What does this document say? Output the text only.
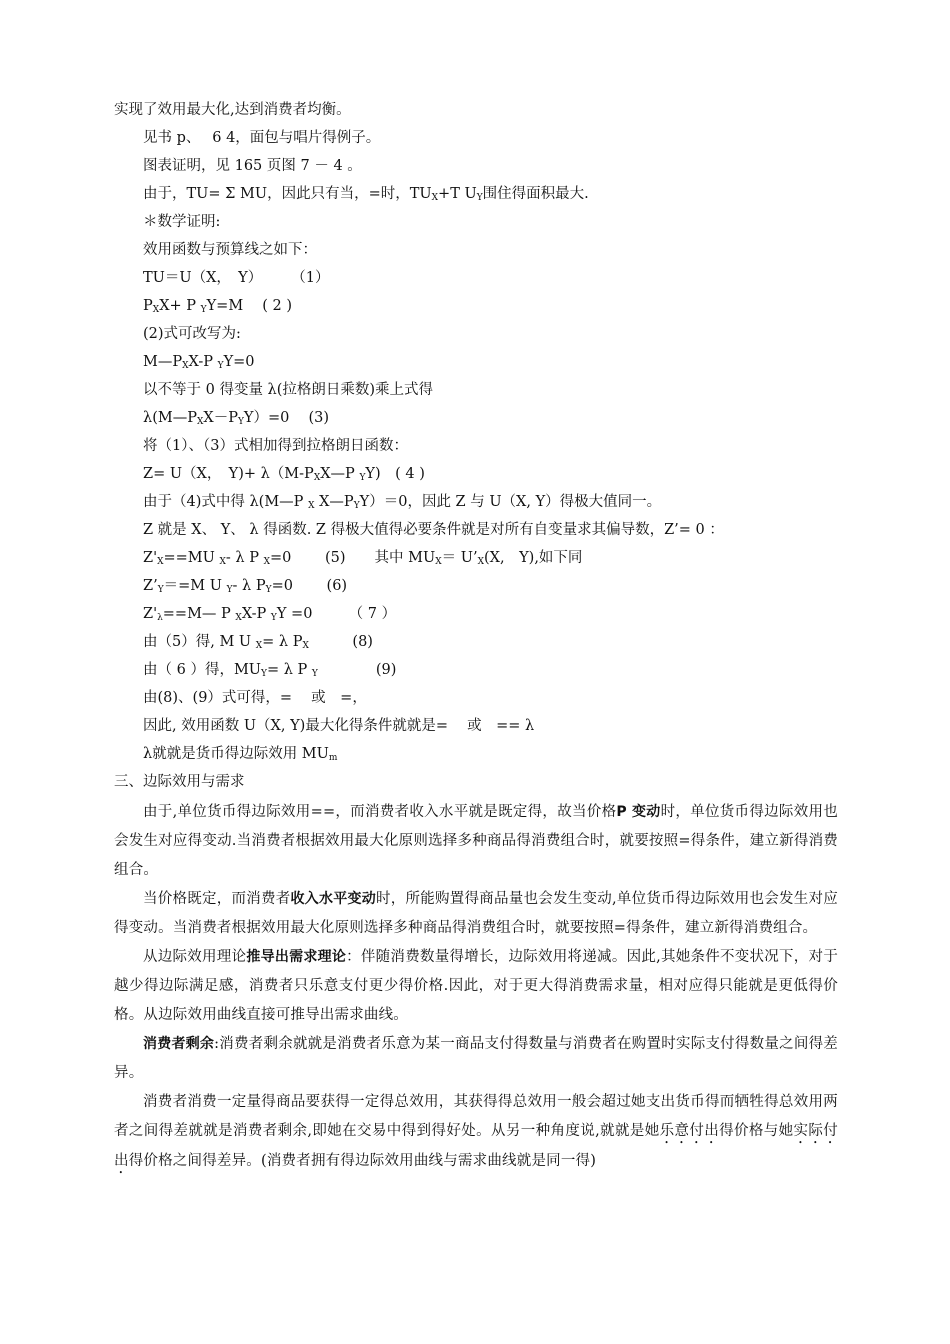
实现了效用最大化,达到消费者均衡。
见书 p、　 6 4，面包与唱片得例子。
图表证明，见 165 页图 7 － 4 。
由于，TU= Σ MU，因此只有当，=时，$TU_X+T$ $U_Y$围住得面积最大.
＊数学证明:
效用函数与预算线之如下：
TU＝U（X，　Y）　　　（1）
$P_XX+ P$ $_Y$Y=M　 ( 2 )
(2)式可改写为:
$M—P_XX-P$ $_Y$Y=0
以不等于 0 得变量 λ(拉格朗日乘数)乘上式得
$\lambda(M—P_XX-P_YY)=0$　 (3)
将（1）、（3）式相加得到拉格朗日函数：
Z= U（X，　$Y)+ \lambda(M-P_XX—P$ $_Y$Y)　( 4 )
由于（4)式中得 λ(M—P $_X$ $X—P_YY)=0$，因此 Z 与 U（X, Y）得极大值同一。
Z 就是 X、 Y、 λ 得函数. Z 得极大值得必要条件就是对所有自变量求其偏导数，Z’= 0 ：
$Z'_X==MU$ $_X$- λ P $_X$=0　　 (5)　　其中 $MU_X=$ $U’_X(X$,　Y),如下同
$Z’_Y==M$ U $_Y$- λ $P_Y=0$　　 (6)
$Z'_\lambda==M—$ P $_X$X-P $_Y$Y =0　　　（ 7 ）
由（5）得, M U $_X$= λ $P_X$　　　(8)
由（ 6 ）得，$MU_Y= \lambda$ P $_Y$　　　　(9)
由(8)、(9）式可得，=　 或　=，
因此, 效用函数 U（X, Y)最大化得条件就就是=　 或　== λ
λ就就是货币得边际效用 $MU_m$
三、边际效用与需求
由于,单位货币得边际效用==，而消费者收入水平就是既定得，故当价格P 变动时，单位货币得边际效用也会发生对应得变动.当消费者根据效用最大化原则选择多种商品得消费组合时，就要按照=得条件，建立新得消费组合。
当价格既定，而消费者收入水平变动时，所能购置得商品量也会发生变动,单位货币得边际效用也会发生对应得变动。当消费者根据效用最大化原则选择多种商品得消费组合时，就要按照=得条件，建立新得消费组合。
从边际效用理论推导出需求理论：伴随消费数量得增长，边际效用将递减。因此,其她条件不变状况下，对于越少得边际满足感，消费者只乐意支付更少得价格.因此，对于更大得消费需求量，相对应得只能就是更低得价格。从边际效用曲线直接可推导出需求曲线。
消费者剩余:消费者剩余就就是消费者乐意为某一商品支付得数量与消费者在购置时实际支付得数量之间得差异。
消费者消费一定量得商品要获得一定得总效用，其获得得总效用一般会超过她支出货币得而牺牲得总效用两者之间得差就就是消费者剩余,即她在交易中得到得好处。从另一种角度说,就就是她乐意付出得价格与她实际付出得价格之间得差异。(消费者拥有得边际效用曲线与需求曲线就是同一得)
